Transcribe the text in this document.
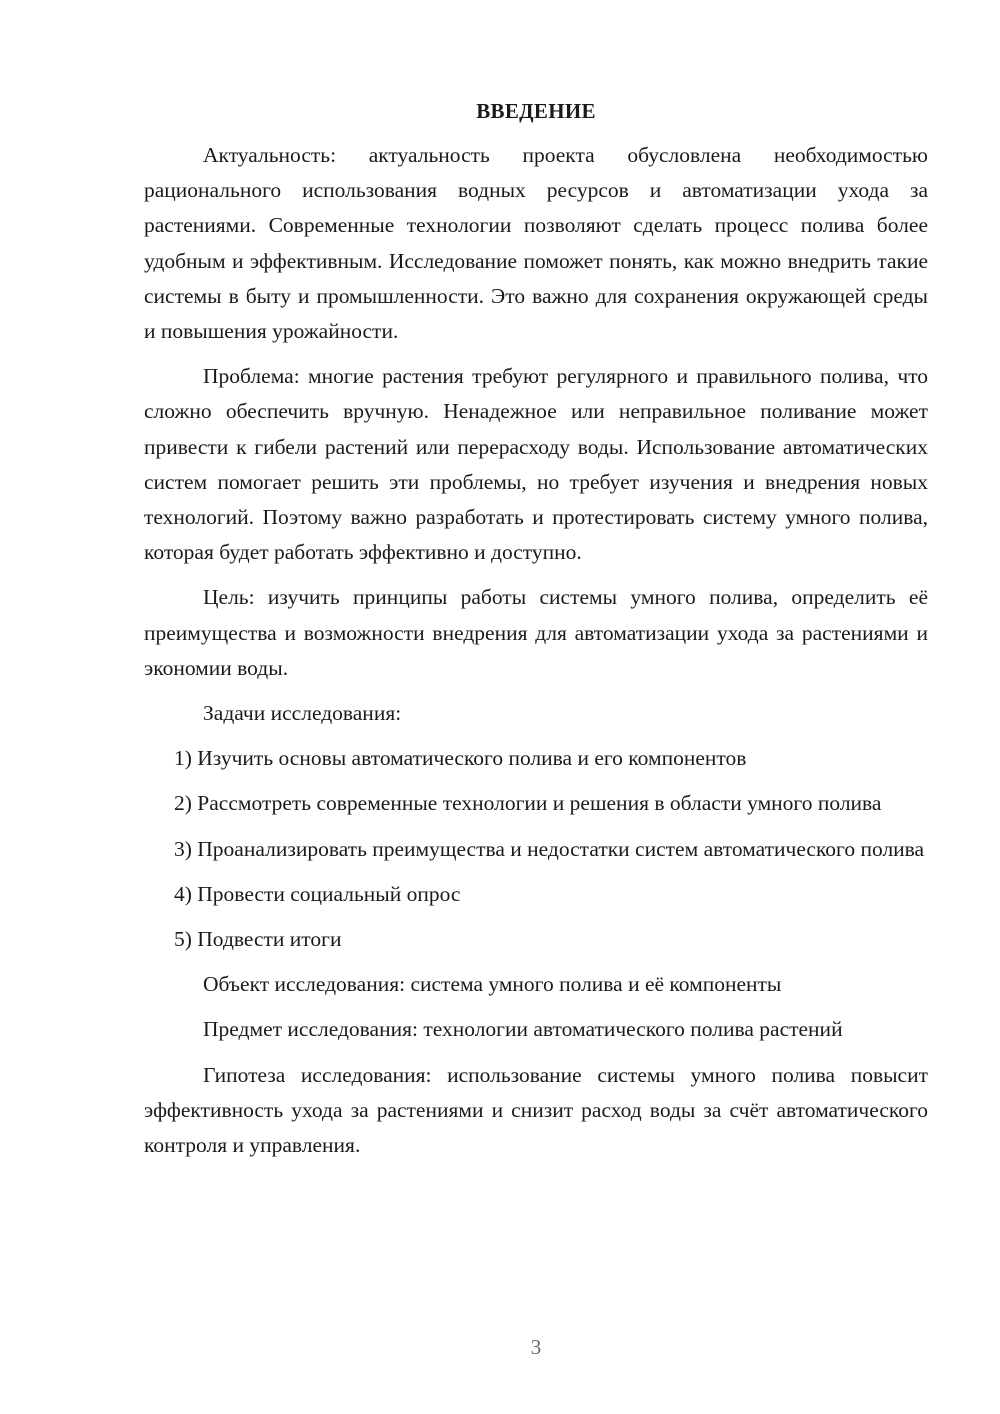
ВВЕДЕНИЕ

Актуальность: актуальность проекта обусловлена необходимостью рационального использования водных ресурсов и автоматизации ухода за растениями. Современные технологии позволяют сделать процесс полива более удобным и эффективным. Исследование поможет понять, как можно внедрить такие системы в быту и промышленности. Это важно для сохранения окружающей среды и повышения урожайности.

Проблема: многие растения требуют регулярного и правильного полива, что сложно обеспечить вручную. Ненадежное или неправильное поливание может привести к гибели растений или перерасходу воды. Использование автоматических систем помогает решить эти проблемы, но требует изучения и внедрения новых технологий. Поэтому важно разработать и протестировать систему умного полива, которая будет работать эффективно и доступно.

Цель: изучить принципы работы системы умного полива, определить её преимущества и возможности внедрения для автоматизации ухода за растениями и экономии воды.

Задачи исследования:

1) Изучить основы автоматического полива и его компонентов

2) Рассмотреть современные технологии и решения в области умного полива

3) Проанализировать преимущества и недостатки систем автоматического полива

4) Провести социальный опрос

5) Подвести итоги

Объект исследования: система умного полива и её компоненты

Предмет исследования: технологии автоматического полива растений

Гипотеза исследования: использование системы умного полива повысит эффективность ухода за растениями и снизит расход воды за счёт автоматического контроля и управления.

3
